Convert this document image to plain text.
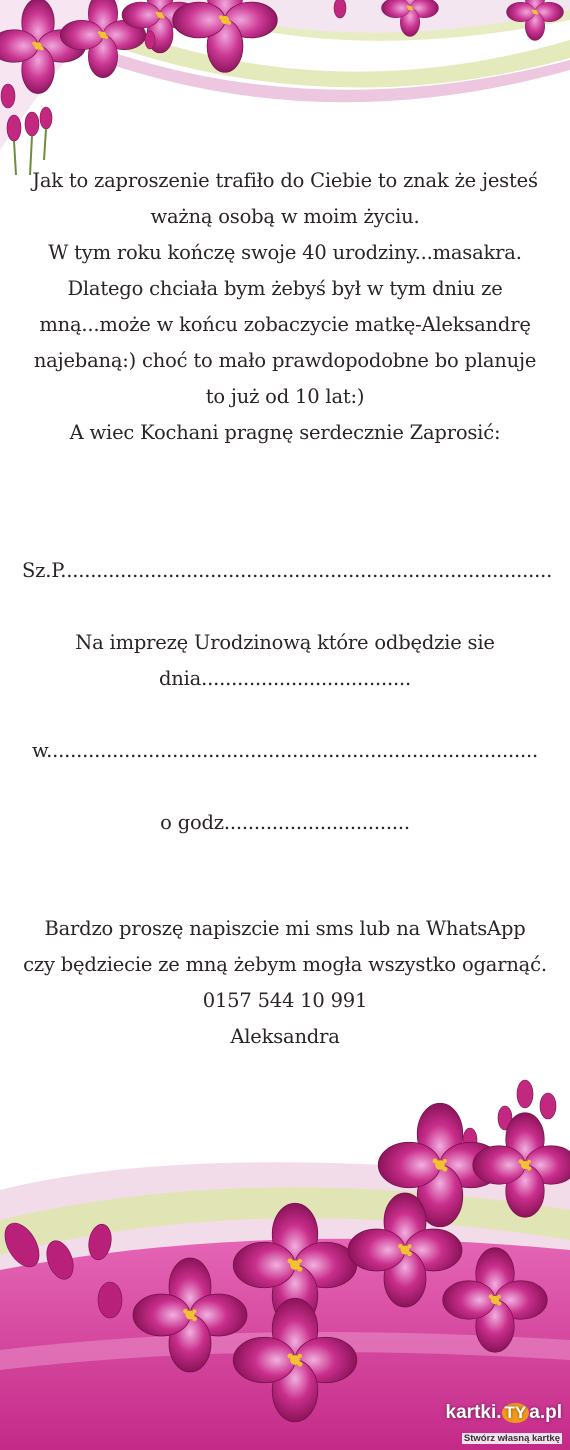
Jak to zaproszenie trafiło do Ciebie to znak że jesteś
ważną osobą w moim życiu.
W tym roku kończę swoje 40 urodziny...masakra.
Dlatego chciała bym żebyś był w tym dniu ze
mną...może w końcu zobaczycie matkę-Aleksandrę
najebaną:) choć to mało prawdopodobne bo planuje
to już od 10 lat:)
A wiec Kochani pragnę serdecznie Zaprosić:
Sz.P..................................................................................
Na imprezę Urodzinową które odbędzie sie
dnia...................................
w..................................................................................
o godz...............................
Bardzo proszę napiszcie mi sms lub na WhatsApp
czy będziecie ze mną żebym mogła wszystko ogarnąć.
0157 544 10 991
Aleksandra
kartki. TY a.pl
Stwórz własną kartkę
